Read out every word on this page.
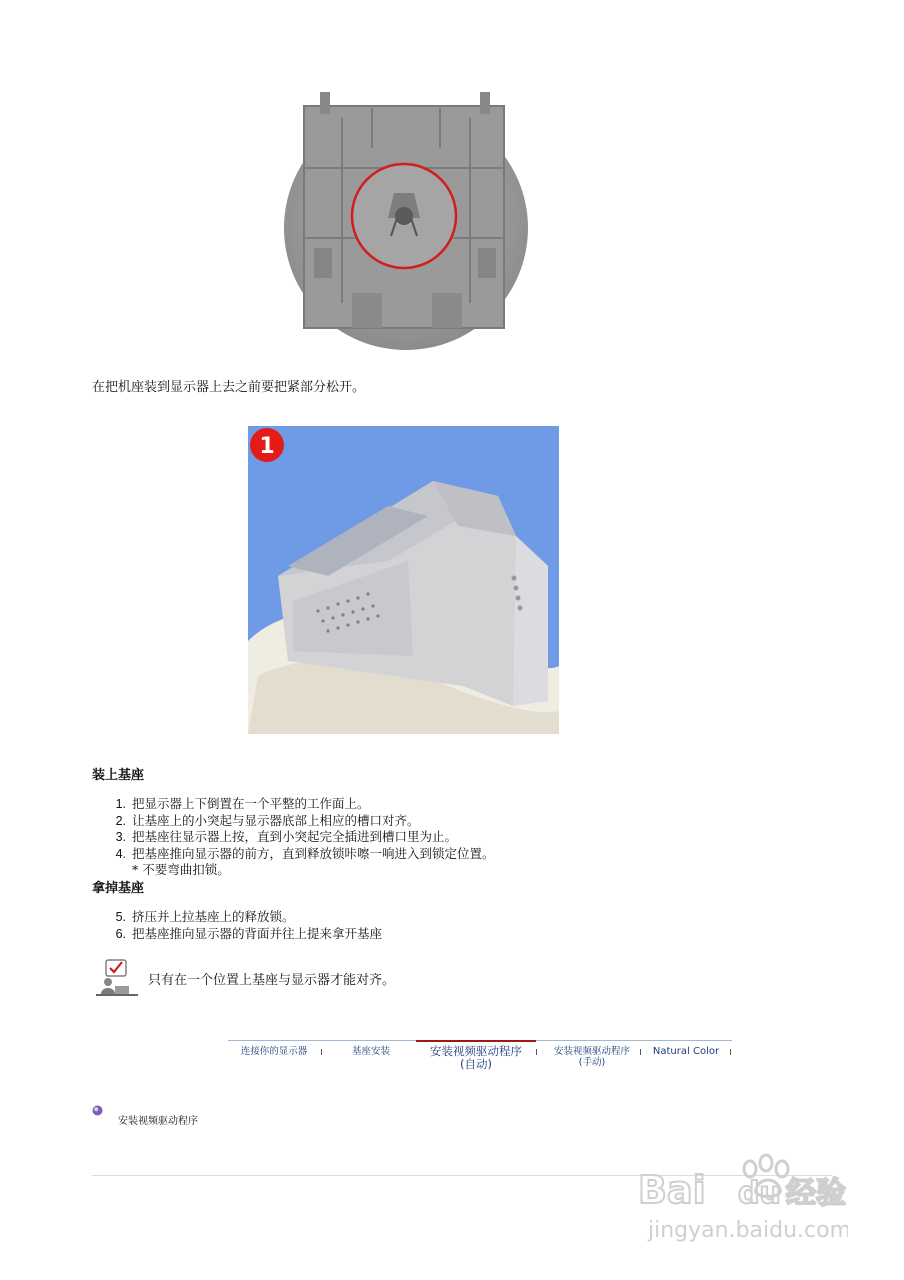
在把机座装到显示器上去之前要把紧部分松开。
1
装上基座
1. 把显示器上下倒置在一个平整的工作面上。
2. 让基座上的小突起与显示器底部上相应的槽口对齐。
3. 把基座往显示器上按，直到小突起完全插进到槽口里为止。
4. 把基座推向显示器的前方，直到释放锁咔嚓一响进入到锁定位置。
* 不要弯曲扣锁。
拿掉基座
5. 挤压并上拉基座上的释放锁。
6. 把基座推向显示器的背面并往上提来拿开基座
只有在一个位置上基座与显示器才能对齐。
连接你的显示器	基座安装	安装视频驱动程序
(自动)
安装视频驱动程序
(手动)
Natural Color
安装视频驱动程序
Bai du 经验
jingyan.baidu.com
